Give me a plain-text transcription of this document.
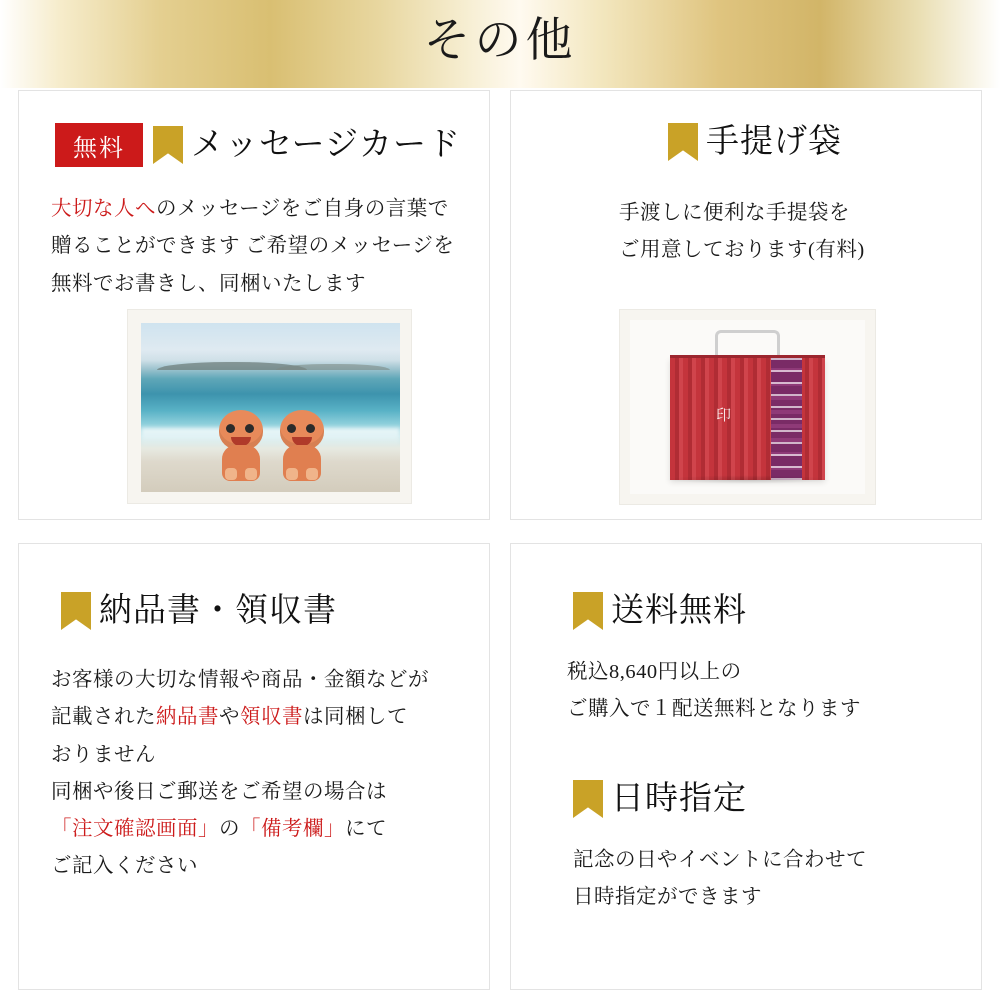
その他
無料	メッセージカード
大切な人へのメッセージをご自身の言葉で
贈ることができます ご希望のメッセージを
無料でお書きし、同梱いたします
手提げ袋
手渡しに便利な手提袋を
ご用意しております(有料)
印
納品書・領収書
お客様の大切な情報や商品・金額などが
記載された納品書や領収書は同梱して
おりません
同梱や後日ご郵送をご希望の場合は
「注文確認画面」の「備考欄」にて
ご記入ください
送料無料
税込8,640円以上の
ご購入で１配送無料となります
日時指定
記念の日やイベントに合わせて
日時指定ができます
